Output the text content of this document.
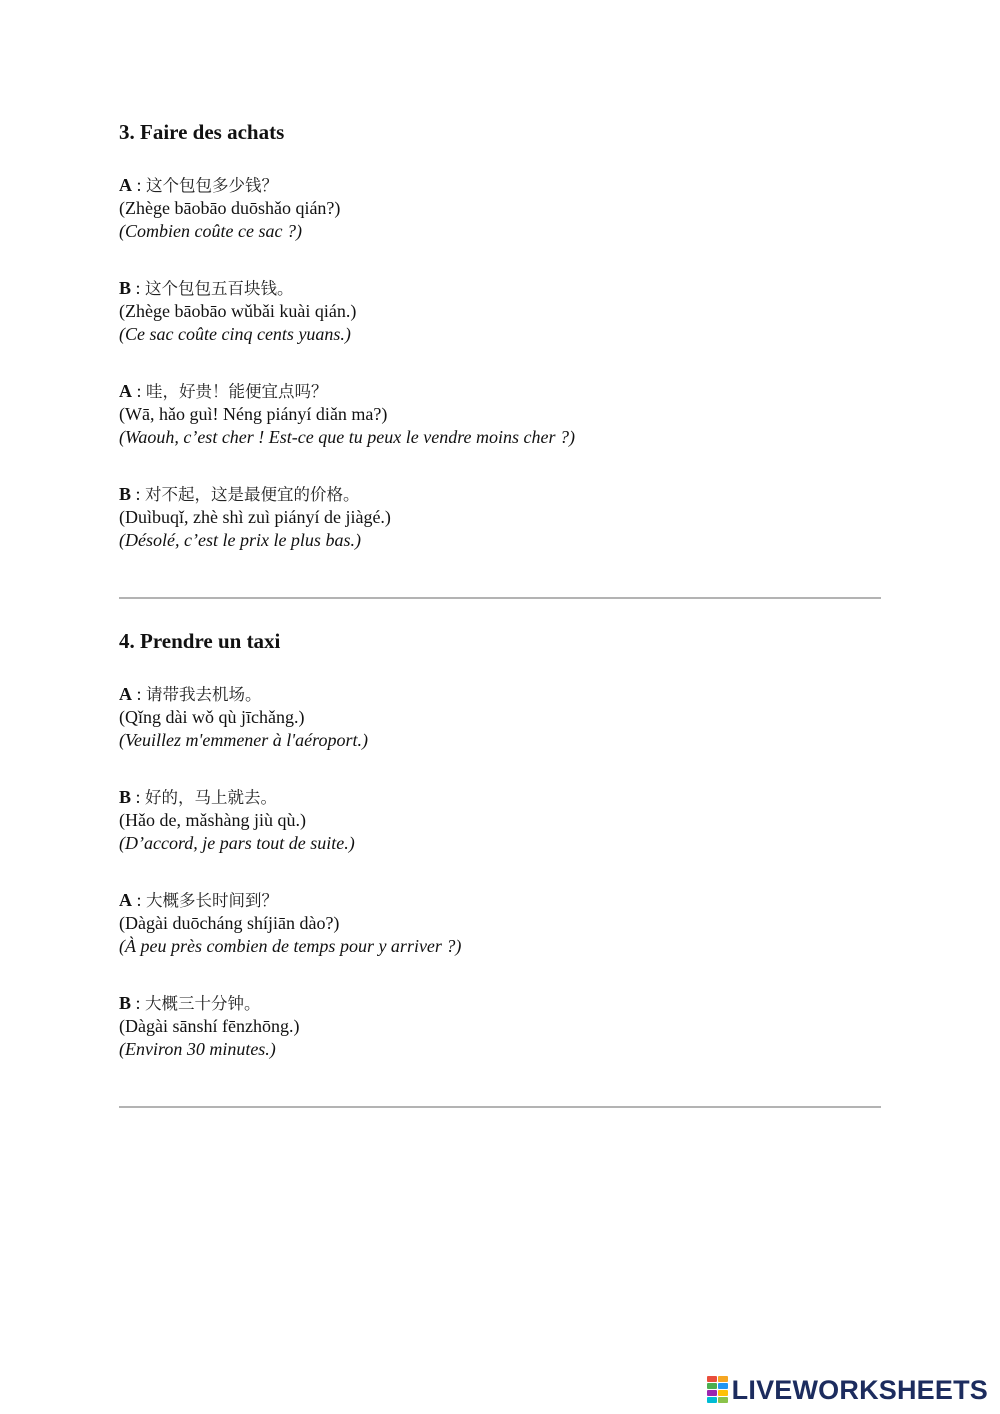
3. Faire des achats

A : 这个包包多少钱？

(Zhège bāobāo duōshǎo qián?)

(Combien coûte ce sac ?)

B : 这个包包五百块钱。

(Zhège bāobāo wǔbǎi kuài qián.)

(Ce sac coûte cinq cents yuans.)

A : 哇，好贵！能便宜点吗？

(Wā, hǎo guì! Néng piányí diǎn ma?)

(Waouh, c’est cher ! Est-ce que tu peux le vendre moins cher ?)

B : 对不起，这是最便宜的价格。

(Duìbuqǐ, zhè shì zuì piányí de jiàgé.)

(Désolé, c’est le prix le plus bas.)

4. Prendre un taxi

A : 请带我去机场。

(Qǐng dài wǒ qù jīchǎng.)

(Veuillez m'emmener à l'aéroport.)

B : 好的，马上就去。

(Hǎo de, mǎshàng jiù qù.)

(D’accord, je pars tout de suite.)

A : 大概多长时间到？

(Dàgài duōcháng shíjiān dào?)

(À peu près combien de temps pour y arriver ?)

B : 大概三十分钟。

(Dàgài sānshí fēnzhōng.)

(Environ 30 minutes.)

LIVEWORKSHEETS
